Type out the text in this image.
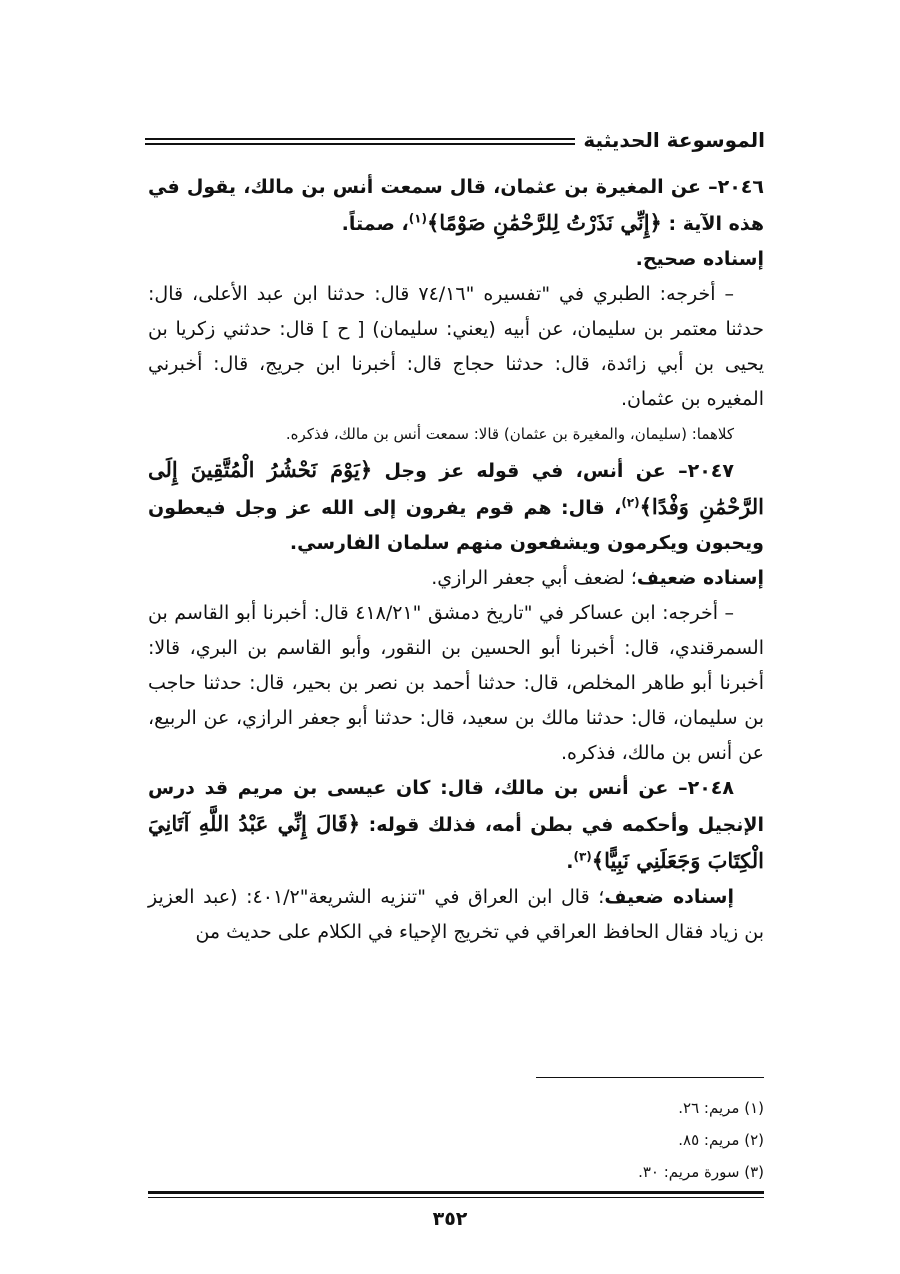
الموسوعة الحديثية

٢٠٤٦– عن المغيرة بن عثمان، قال سمعت أنس بن مالك، يقول في هذه الآية : ﴿إِنِّي نَذَرْتُ لِلرَّحْمَٰنِ صَوْمًا﴾$^{(١)}$، صمتاً.

إسناده صحيح.

– أخرجه: الطبري في "تفسيره "٧٤/١٦ قال: حدثنا ابن عبد الأعلى، قال: حدثنا معتمر بن سليمان، عن أبيه (يعني: سليمان) [ ح ] قال: حدثني زكريا بن يحيى بن أبي زائدة، قال: حدثنا حجاج قال: أخبرنا ابن جريج، قال: أخبرني المغيره بن عثمان.

كلاهما: (سليمان، والمغيرة بن عثمان) قالا: سمعت أنس بن مالك، فذكره.

٢٠٤٧– عن أنس، في قوله عز وجل ﴿يَوْمَ نَحْشُرُ الْمُتَّقِينَ إِلَى الرَّحْمَٰنِ وَفْدًا﴾$^{(٢)}$، قال: هم قوم يفرون إلى الله عز وجل فيعطون ويحبون ويكرمون ويشفعون منهم سلمان الفارسي.

إسناده ضعيف؛ لضعف أبي جعفر الرازي.

– أخرجه: ابن عساكر في "تاريخ دمشق "٤١٨/٢١ قال: أخبرنا أبو القاسم بن السمرقندي، قال: أخبرنا أبو الحسين بن النقور، وأبو القاسم بن البري، قالا: أخبرنا أبو طاهر المخلص، قال: حدثنا أحمد بن نصر بن بحير، قال: حدثنا حاجب بن سليمان، قال: حدثنا مالك بن سعيد، قال: حدثنا أبو جعفر الرازي، عن الربيع، عن أنس بن مالك، فذكره.

٢٠٤٨– عن أنس بن مالك، قال: كان عيسى بن مريم قد درس الإنجيل وأحكمه في بطن أمه، فذلك قوله: ﴿قَالَ إِنِّي عَبْدُ اللَّهِ آتَانِيَ الْكِتَابَ وَجَعَلَنِي نَبِيًّا﴾$^{(٣)}$.

إسناده ضعيف؛ قال ابن العراق في "تنزيه الشريعة"٤٠١/٢: (عبد العزيز بن زياد فقال الحافظ العراقي في تخريج الإحياء في الكلام على حديث من

(١) مريم: ٢٦.

(٢) مريم: ٨٥.

(٣) سورة مريم: ٣٠.

٣٥٢
